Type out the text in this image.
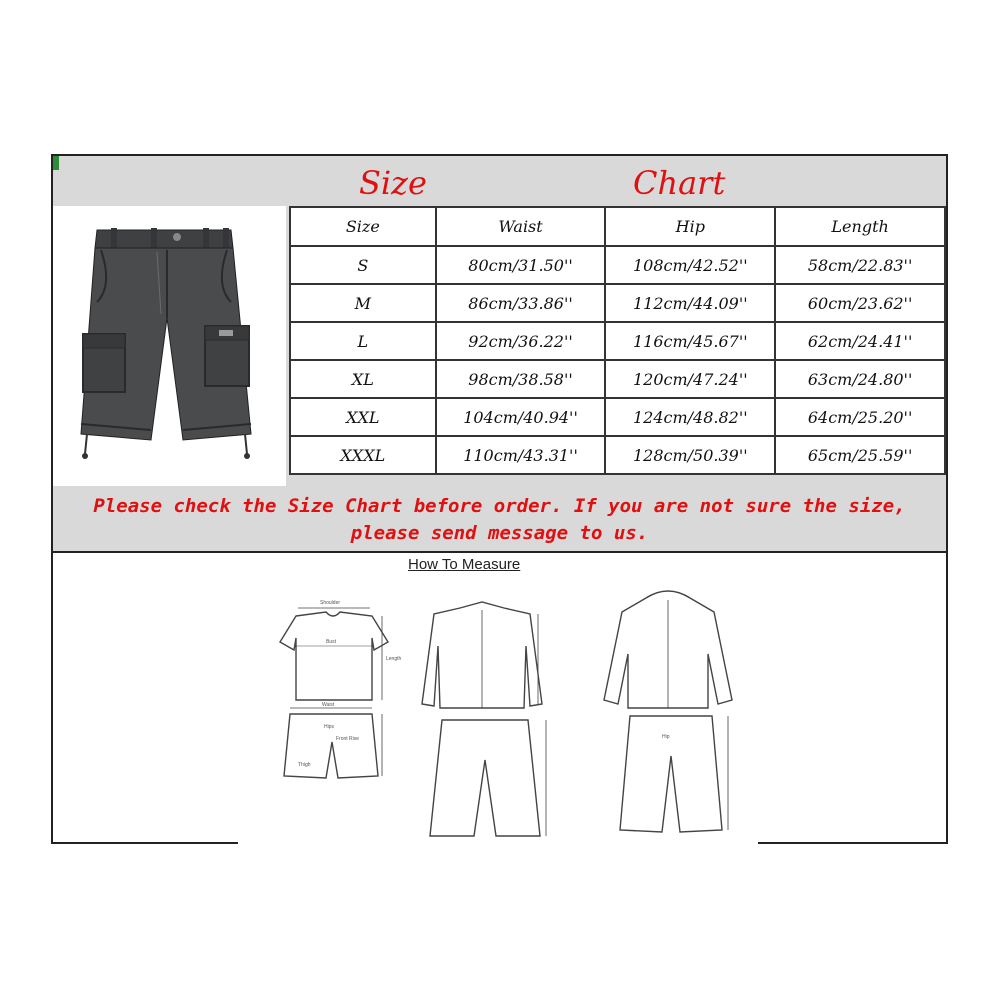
Size	Chart
Size	Waist	Hip	Length
S	80cm/31.50''	108cm/42.52''	58cm/22.83''
M	86cm/33.86''	112cm/44.09''	60cm/23.62''
L	92cm/36.22''	116cm/45.67''	62cm/24.41''
XL	98cm/38.58''	120cm/47.24''	63cm/24.80''
XXL	104cm/40.94''	124cm/48.82''	64cm/25.20''
XXXL	110cm/43.31''	128cm/50.39''	65cm/25.59''
Please check the Size Chart before order. If you are not sure the size,
please send message to us.
How To Measure
Shoulder
Bust
Length
Waist
Hips
Front Rise
Thigh
Hip
